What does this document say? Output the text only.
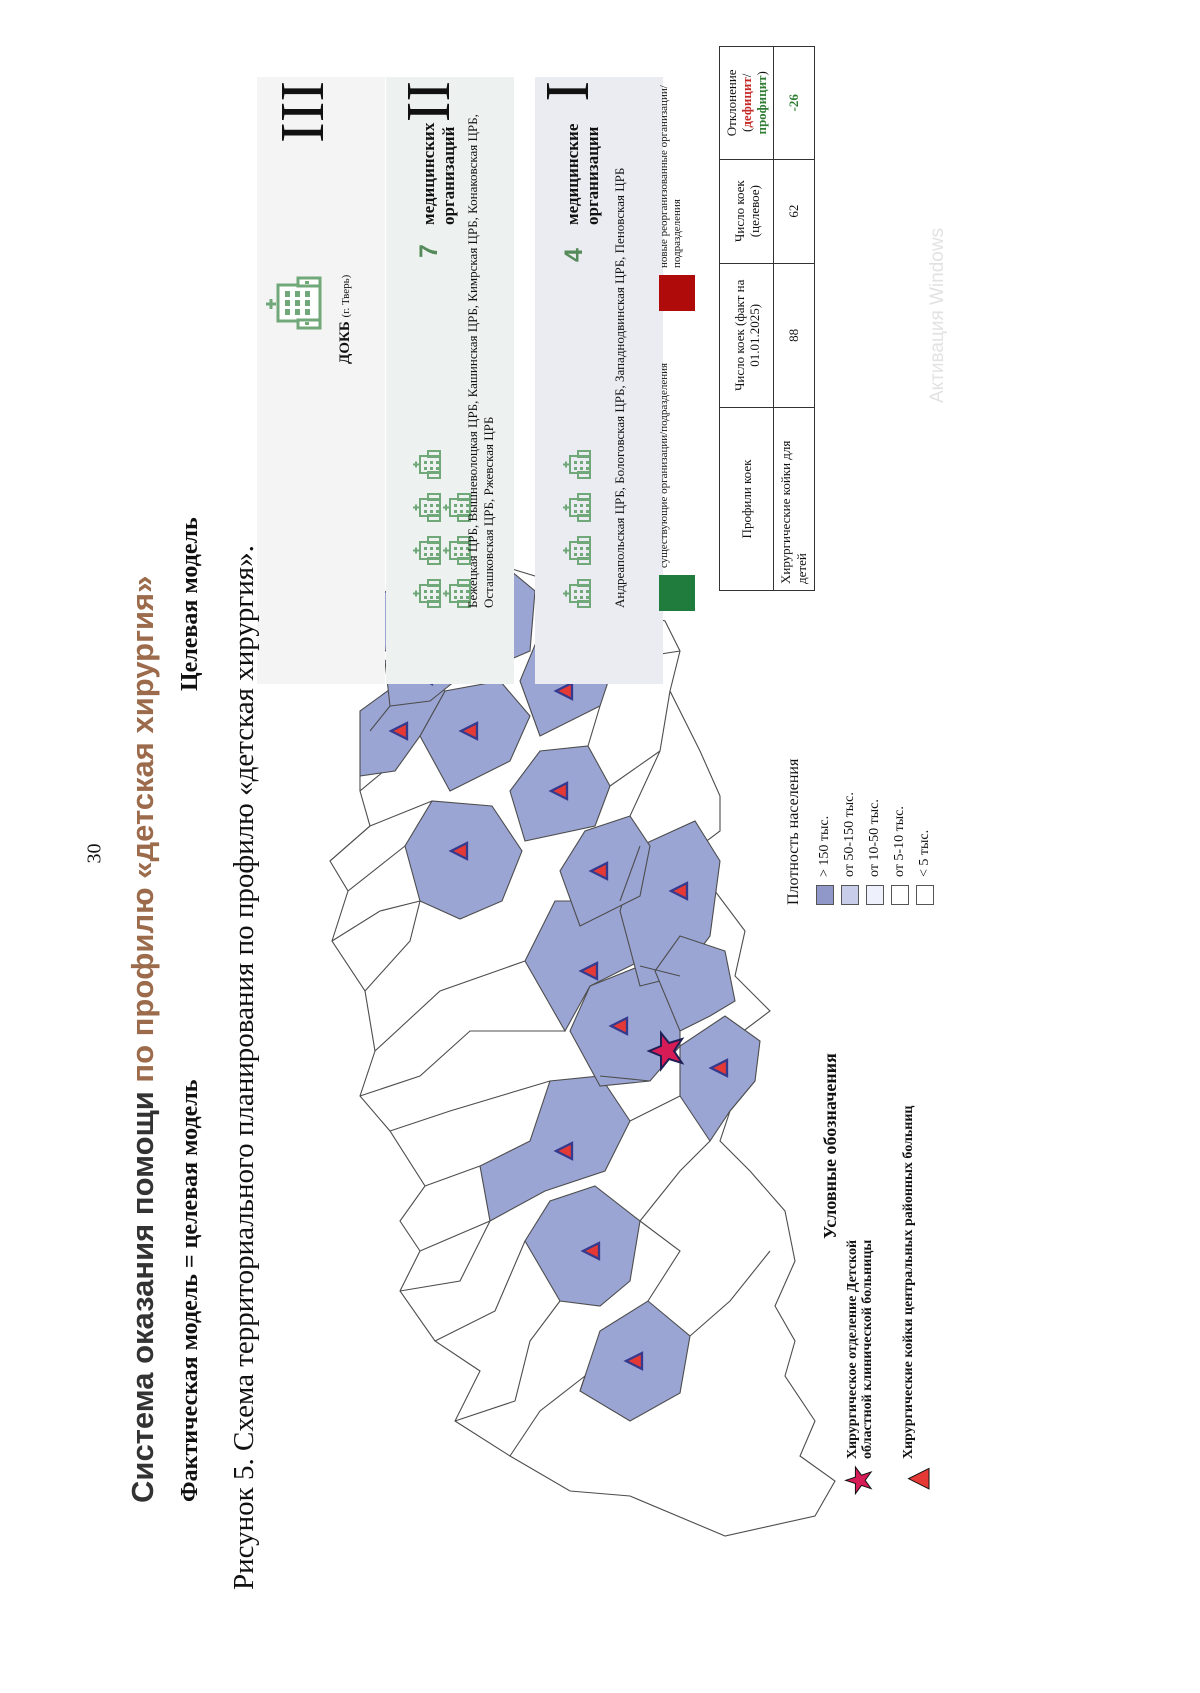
30
Система оказания помощи по профилю «детская хирургия»
Фактическая модель = целевая модель
Целевая модель
Плотность населения > 150 тыс. от 50-150 тыс. от 10-50 тыс. от 5-10 тыс. < 5 тыс.
Условные обозначения
★
Хирургическое отделение Детской областной клинической больницы
▲
Хирургические койки центральных районных больниц
III II I
ДОКБ (г. Тверь)
7
медицинских организаций Бежецкая ЦРБ, Вышневолоцкая ЦРБ, Кашинская ЦРБ, Кимрская ЦРБ, Конаковская ЦРБ, Осташковская ЦРБ, Ржевская ЦРБ
4
медицинские организации Андреапольская ЦРБ, Бологовская ЦРБ, Западнодвинская ЦРБ, Пеновская ЦРБ	существующие организации/подразделения
новые реорганизованные организации/подразделения
Профили коек	Число коек (факт на 01.01.2025)	Число коек (целевое)	Отклонение
(дефицит/профицит)
Хирургические койки для детей	88	62	-26
Рисунок 5. Схема территориального планирования по профилю «детская хирургия».
Активация Windows
